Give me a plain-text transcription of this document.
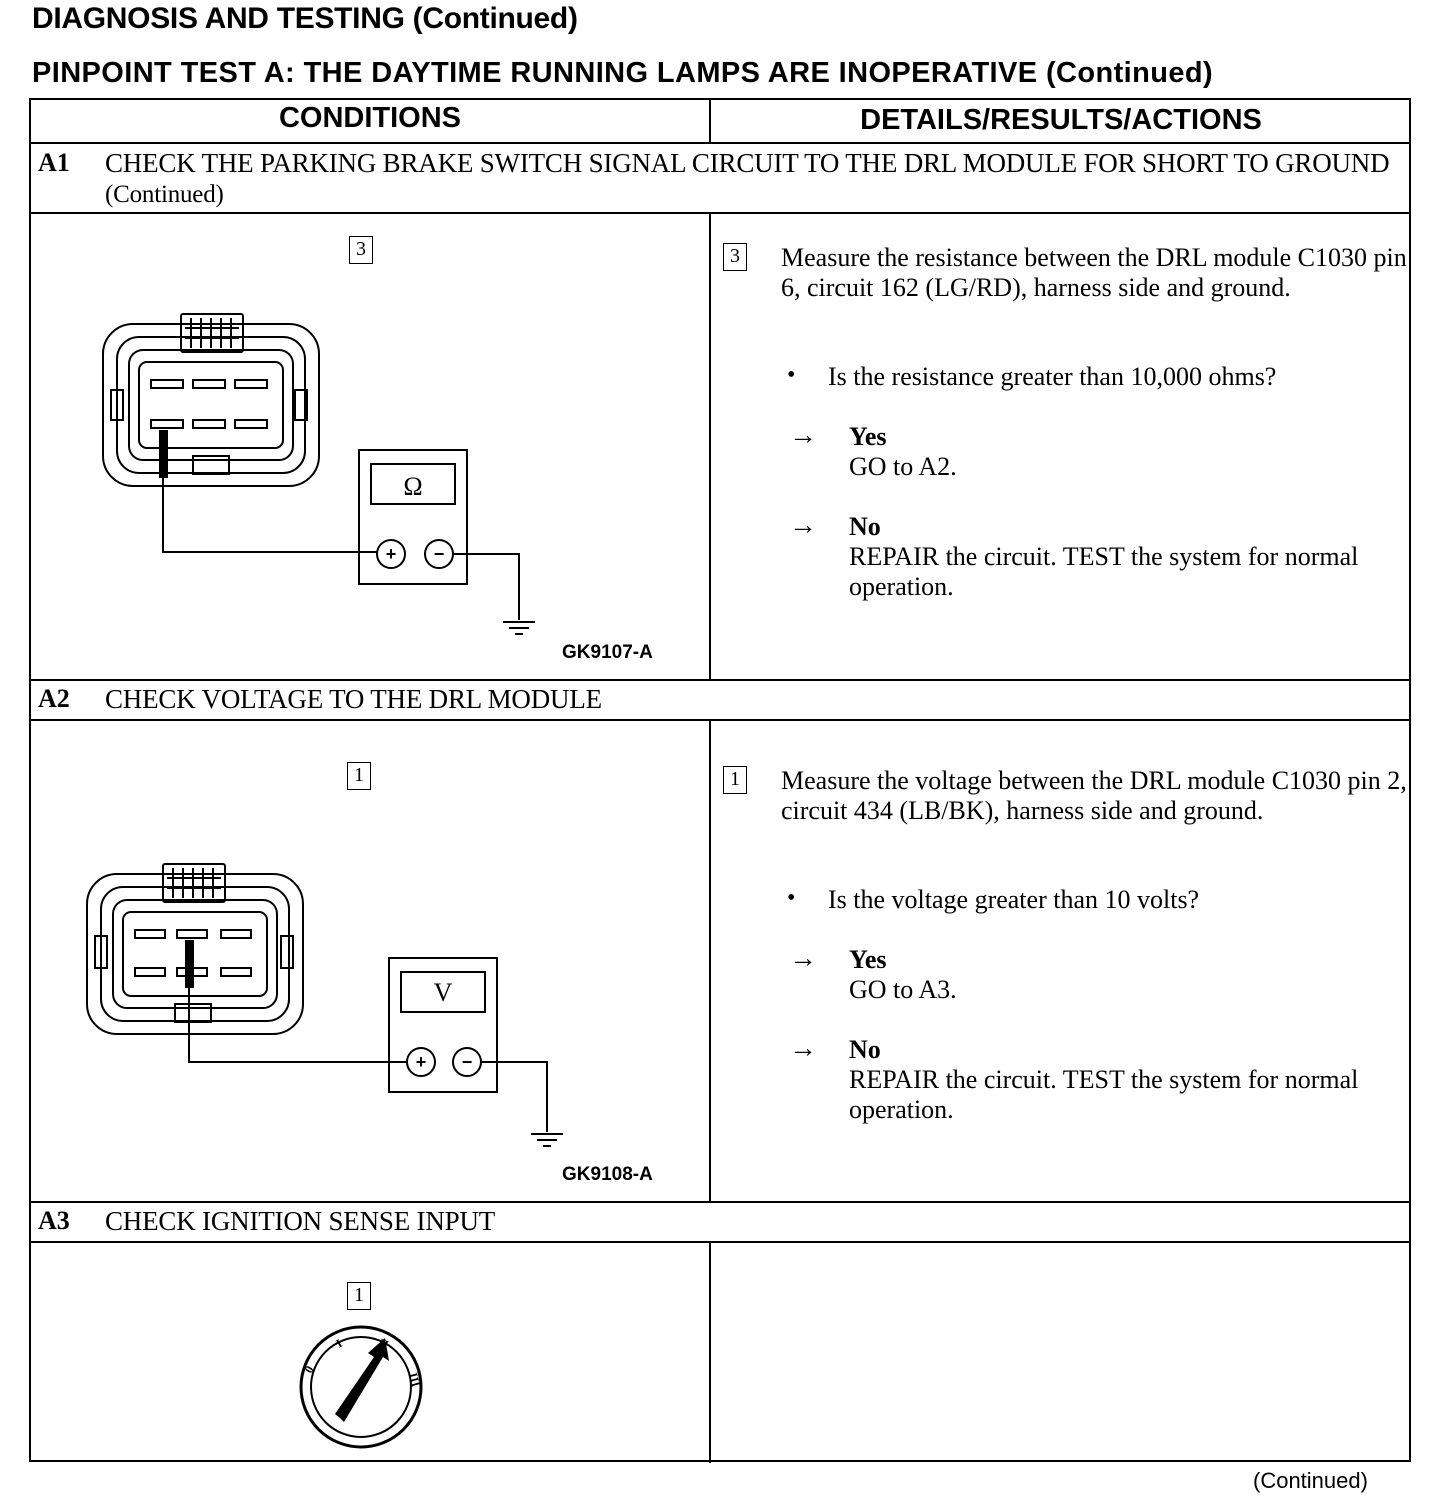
DIAGNOSIS AND TESTING (Continued)
PINPOINT TEST A: THE DAYTIME RUNNING LAMPS ARE INOPERATIVE (Continued)
CONDITIONS	DETAILS/RESULTS/ACTIONS
A1 CHECK THE PARKING BRAKE SWITCH SIGNAL CIRCUIT TO THE DRL MODULE FOR SHORT TO GROUND (Continued)
3
+ −
Ω
GK9107-A
3 Measure the resistance between the DRL module C1030 pin 6, circuit 162 (LG/RD), harness side and ground.
• Is the resistance greater than 10,000 ohms?
→ Yes
GO to A2.
→ No
REPAIR the circuit. TEST the system for normal operation.
A2 CHECK VOLTAGE TO THE DRL MODULE
1
+ −
V
GK9108-A
1 Measure the voltage between the DRL module C1030 pin 2, circuit 434 (LB/BK), harness side and ground.
• Is the voltage greater than 10 volts?
→ Yes
GO to A3.
→ No
REPAIR the circuit. TEST the system for normal operation.
A3 CHECK IGNITION SENSE INPUT
1
0
I	II
III
(Continued)
